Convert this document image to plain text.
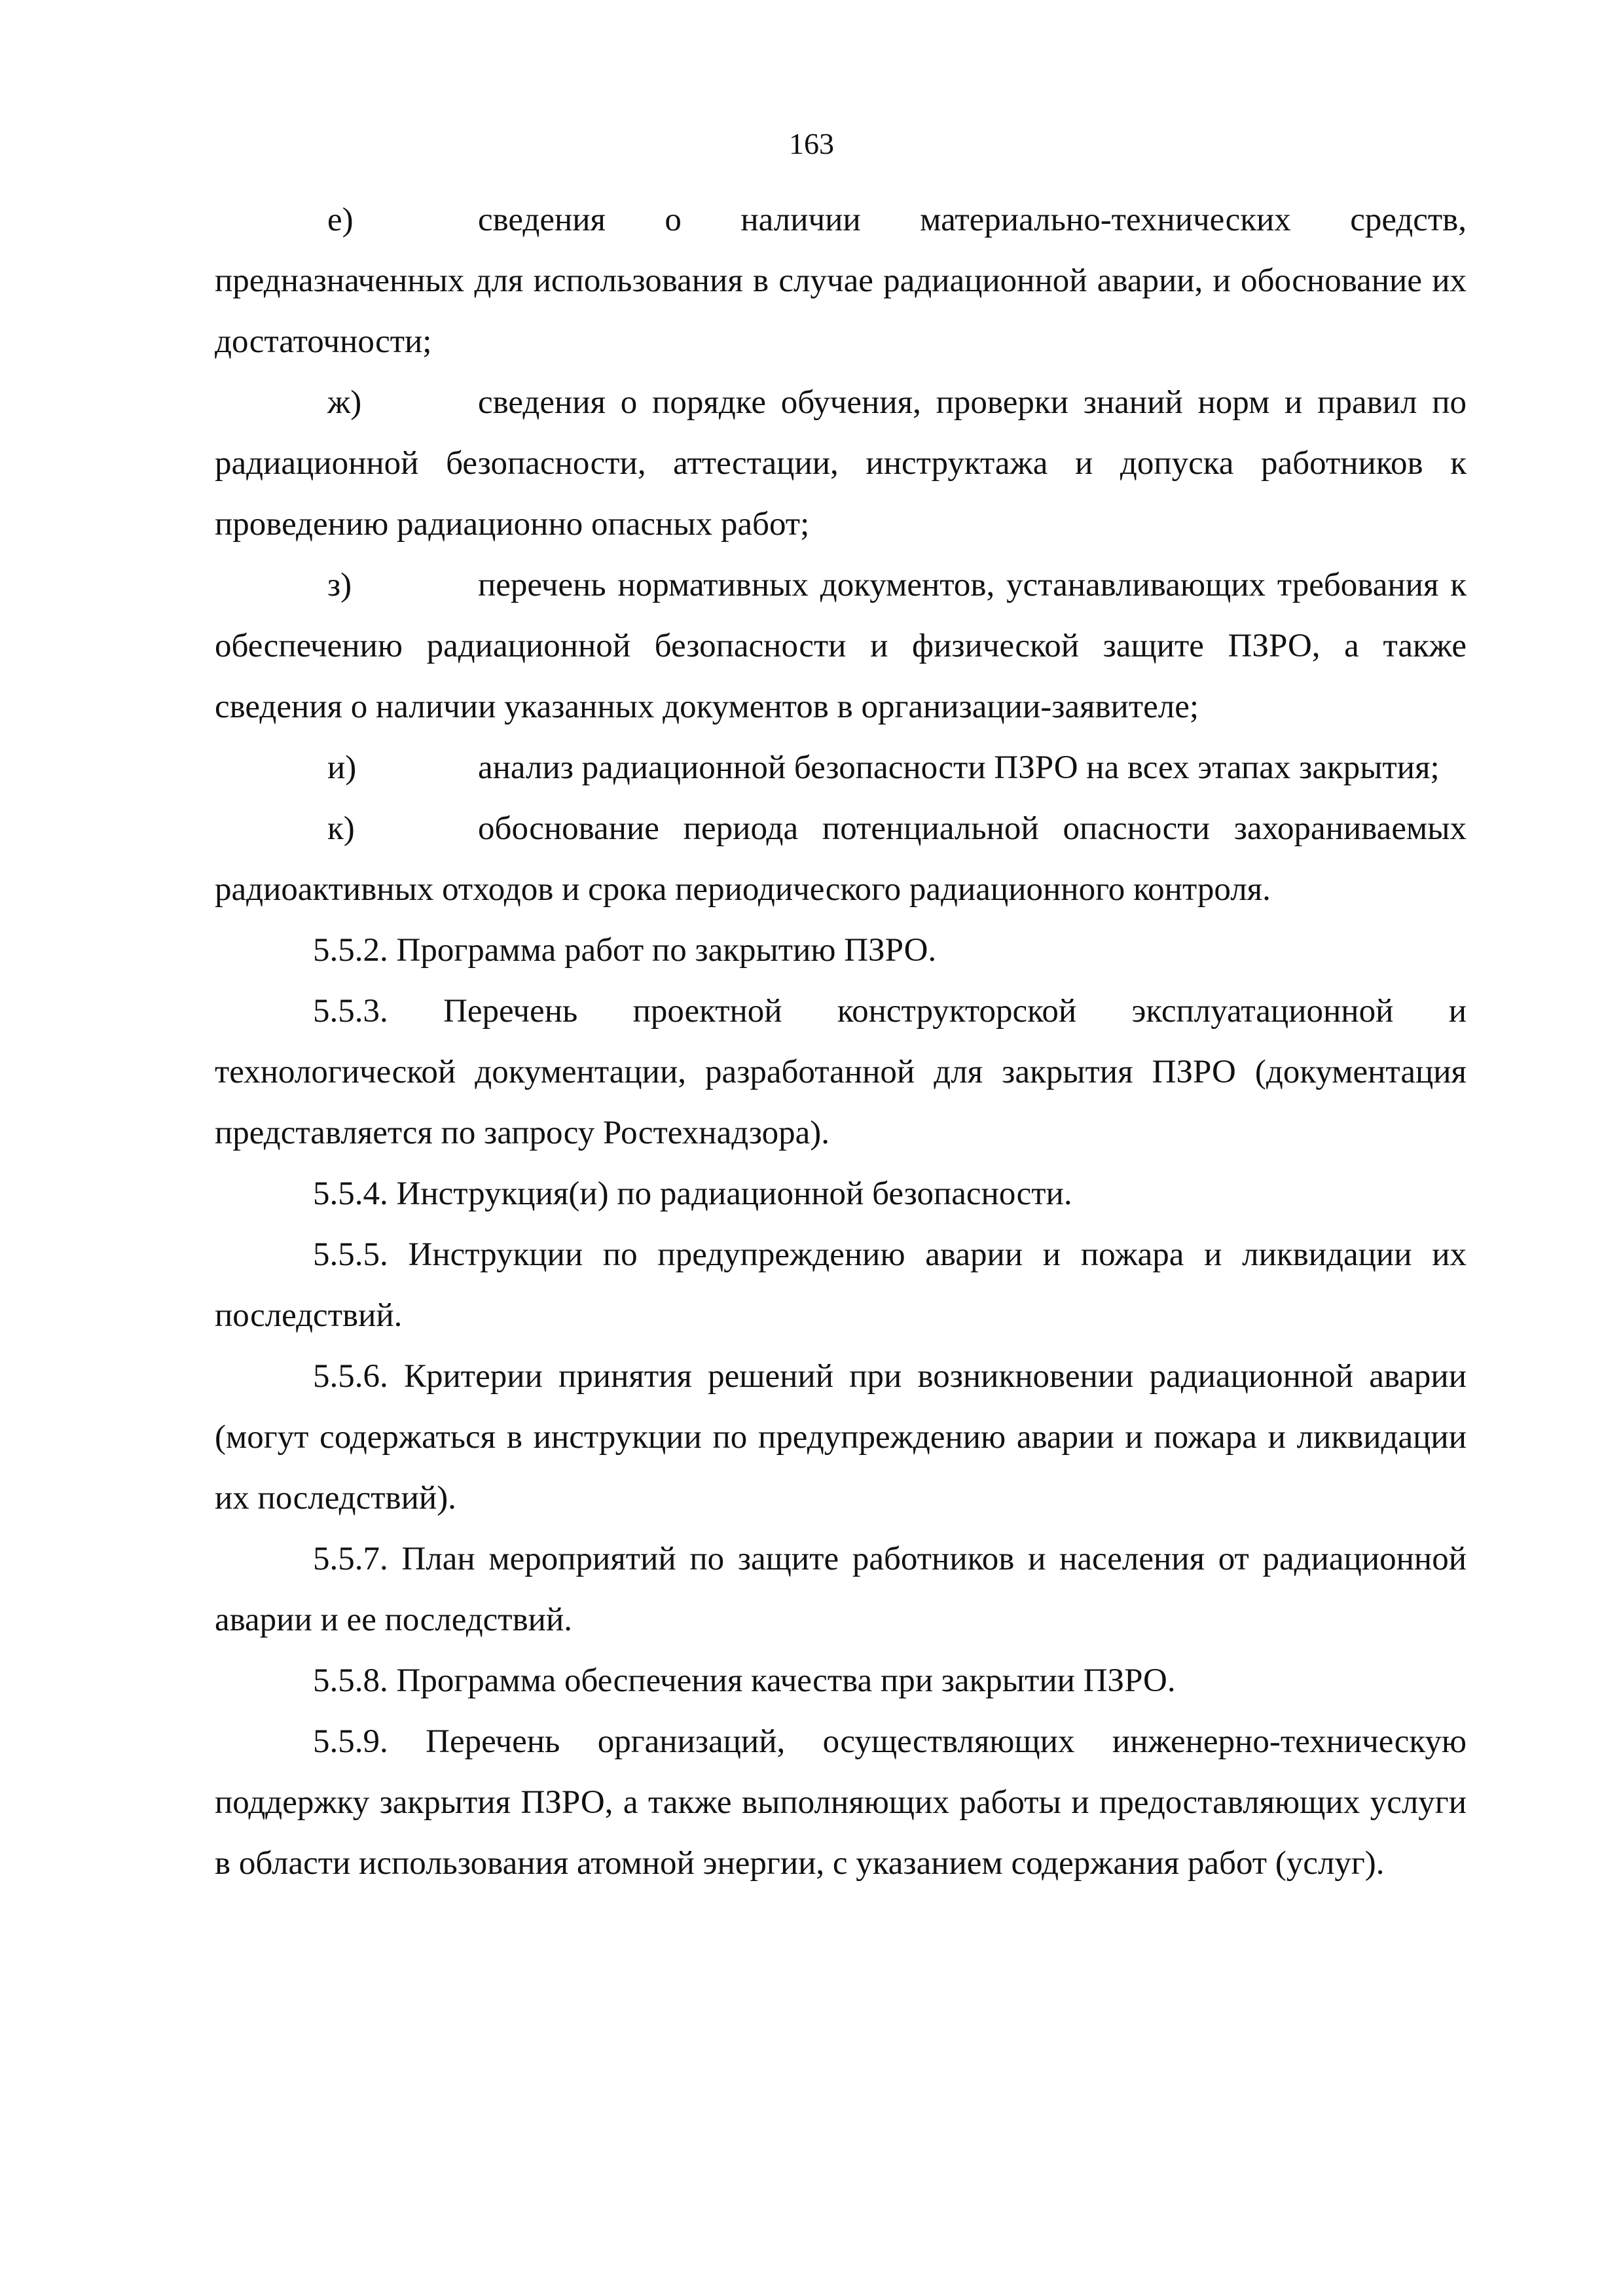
163

е)	сведения о наличии материально-технических средств, предназначенных для использования в случае радиационной аварии, и обоснование их достаточности;

ж)	сведения о порядке обучения, проверки знаний норм и правил по радиационной безопасности, аттестации, инструктажа и допуска работников к проведению радиационно опасных работ;

з)	перечень нормативных документов, устанавливающих требования к обеспечению радиационной безопасности и физической защите ПЗРО, а также сведения о наличии указанных документов в организации-заявителе;

и)	анализ радиационной безопасности ПЗРО на всех этапах закрытия;

к)	обоснование периода потенциальной опасности захораниваемых радиоактивных отходов и срока периодического радиационного контроля.

5.5.2. Программа работ по закрытию ПЗРО.

5.5.3. Перечень проектной конструкторской эксплуатационной и технологической документации, разработанной для закрытия ПЗРО (документация представляется по запросу Ростехнадзора).

5.5.4. Инструкция(и) по радиационной безопасности.

5.5.5. Инструкции по предупреждению аварии и пожара и ликвидации их последствий.

5.5.6. Критерии принятия решений при возникновении радиационной аварии (могут содержаться в инструкции по предупреждению аварии и пожара и ликвидации их последствий).

5.5.7. План мероприятий по защите работников и населения от радиационной аварии и ее последствий.

5.5.8. Программа обеспечения качества при закрытии ПЗРО.

5.5.9. Перечень организаций, осуществляющих инженерно-техническую поддержку закрытия ПЗРО, а также выполняющих работы и предоставляющих услуги в области использования атомной энергии, с указанием содержания работ (услуг).
